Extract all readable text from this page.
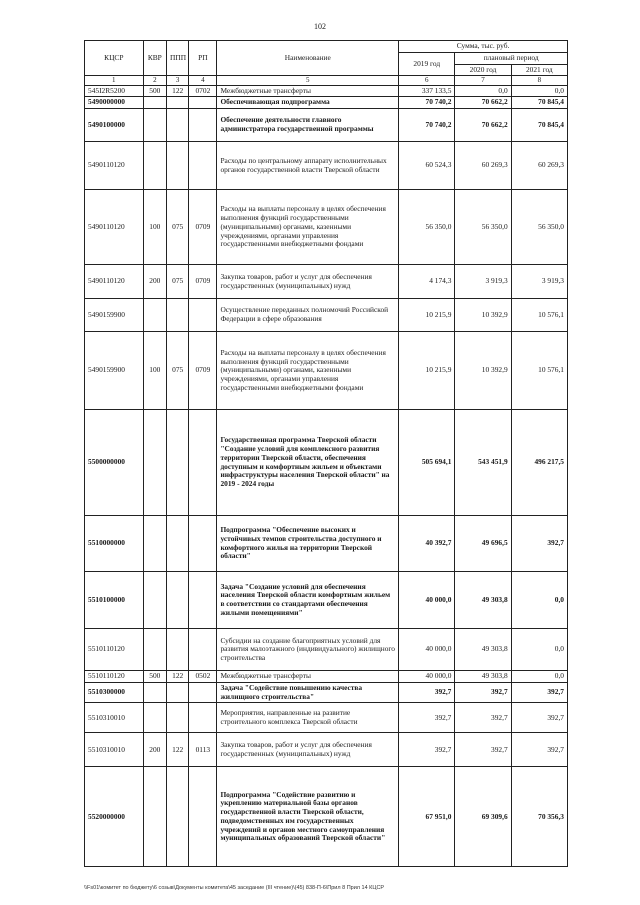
102
КЦСР	КВР	ППП	РП	Наименование	Сумма, тыс. руб.		
					2019 год	плановый период	
						2020 год	2021 год
1	2	3	4	5	6	7	8
545I2R5200	500	122	0702	Межбюджетные трансферты	337 133,5	0,0	0,0
5490000000				Обеспечивающая подпрограмма	70 740,2	70 662,2	70 845,4
5490100000				Обеспечение деятельности главного администратора государственной программы	70 740,2	70 662,2	70 845,4
5490110120				Расходы по центральному аппарату исполнительных органов государственной власти Тверской области	60 524,3	60 269,3	60 269,3
5490110120	100	075	0709	Расходы на выплаты персоналу в целях обеспечения выполнения функций государственными (муниципальными) органами, казенными учреждениями, органами управления государственными внебюджетными фондами	56 350,0	56 350,0	56 350,0
5490110120	200	075	0709	Закупка товаров, работ и услуг для обеспечения государственных (муниципальных) нужд	4 174,3	3 919,3	3 919,3
5490159900				Осуществление переданных полномочий Российской Федерации в сфере образования	10 215,9	10 392,9	10 576,1
5490159900	100	075	0709	Расходы на выплаты персоналу в целях обеспечения выполнения функций государственными (муниципальными) органами, казенными учреждениями, органами управления государственными внебюджетными фондами	10 215,9	10 392,9	10 576,1
5500000000				Государственная программа Тверской области "Создание условий для комплексного развития территории Тверской области, обеспечения доступным и комфортным жильем и объектами инфраструктуры населения Тверской области" на 2019 - 2024 годы	505 694,1	543 451,9	496 217,5
5510000000				Подпрограмма "Обеспечение высоких и устойчивых темпов строительства доступного и комфортного жилья на территории Тверской области"	40 392,7	49 696,5	392,7
5510100000				Задача "Создание условий для обеспечения населения Тверской области комфортным жильем в соответствии со стандартами обеспечения жилыми помещениями"	40 000,0	49 303,8	0,0
5510110120				Субсидии на создание благоприятных условий для развития малоэтажного (индивидуального) жилищного строительства	40 000,0	49 303,8	0,0
5510110120	500	122	0502	Межбюджетные трансферты	40 000,0	49 303,8	0,0
5510300000				Задача "Содействие повышению качества жилищного строительства"	392,7	392,7	392,7
5510310010				Мероприятия, направленные на развитие строительного комплекса Тверской области	392,7	392,7	392,7
5510310010	200	122	0113	Закупка товаров, работ и услуг для обеспечения государственных (муниципальных) нужд	392,7	392,7	392,7
5520000000				Подпрограмма "Содействие развитию и укреплению материальной базы органов государственной власти Тверской области, подведомственных им государственных учреждений и органов местного самоуправления муниципальных образований Тверской области"	67 951,0	69 309,6	70 356,3
\\Fs01\комитет по бюджету\6 созыв\Документы комитета\45 заседание (III чтение)\(45) 838-П-6\Прил 8 Прил 14 КЦСР
